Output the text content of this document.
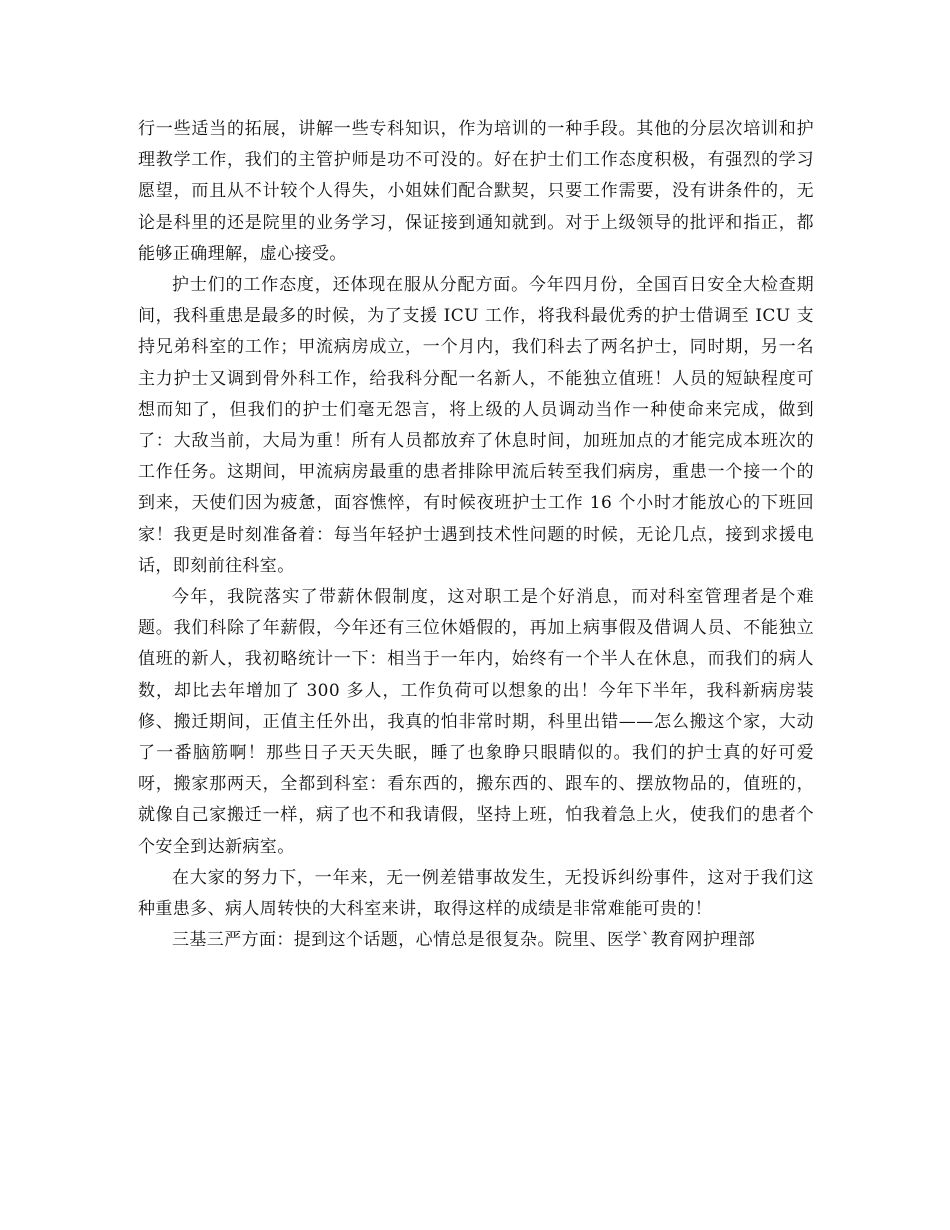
行一些适当的拓展，讲解一些专科知识，作为培训的一种手段。其他的分层次培训和护理教学工作，我们的主管护师是功不可没的。好在护士们工作态度积极，有强烈的学习愿望，而且从不计较个人得失，小姐妹们配合默契，只要工作需要，没有讲条件的，无论是科里的还是院里的业务学习，保证接到通知就到。对于上级领导的批评和指正，都能够正确理解，虚心接受。

护士们的工作态度，还体现在服从分配方面。今年四月份，全国百日安全大检查期间，我科重患是最多的时候，为了支援 ICU 工作，将我科最优秀的护士借调至 ICU 支持兄弟科室的工作；甲流病房成立，一个月内，我们科去了两名护士，同时期，另一名主力护士又调到骨外科工作，给我科分配一名新人，不能独立值班！人员的短缺程度可想而知了，但我们的护士们毫无怨言，将上级的人员调动当作一种使命来完成，做到了：大敌当前，大局为重！所有人员都放弃了休息时间，加班加点的才能完成本班次的工作任务。这期间，甲流病房最重的患者排除甲流后转至我们病房，重患一个接一个的到来，天使们因为疲惫，面容憔悴，有时候夜班护士工作 16 个小时才能放心的下班回家！我更是时刻准备着：每当年轻护士遇到技术性问题的时候，无论几点，接到求援电话，即刻前往科室。

今年，我院落实了带薪休假制度，这对职工是个好消息，而对科室管理者是个难题。我们科除了年薪假，今年还有三位休婚假的，再加上病事假及借调人员、不能独立值班的新人，我初略统计一下：相当于一年内，始终有一个半人在休息，而我们的病人数，却比去年增加了 300 多人，工作负荷可以想象的出！今年下半年，我科新病房装修、搬迁期间，正值主任外出，我真的怕非常时期，科里出错——怎么搬这个家，大动了一番脑筋啊！那些日子天天失眠，睡了也象睁只眼睛似的。我们的护士真的好可爱呀，搬家那两天，全都到科室：看东西的，搬东西的、跟车的、摆放物品的，值班的，就像自己家搬迁一样，病了也不和我请假，坚持上班，怕我着急上火，使我们的患者个个安全到达新病室。

在大家的努力下，一年来，无一例差错事故发生，无投诉纠纷事件，这对于我们这种重患多、病人周转快的大科室来讲，取得这样的成绩是非常难能可贵的！

三基三严方面：提到这个话题，心情总是很复杂。院里、医学`教育网护理部
